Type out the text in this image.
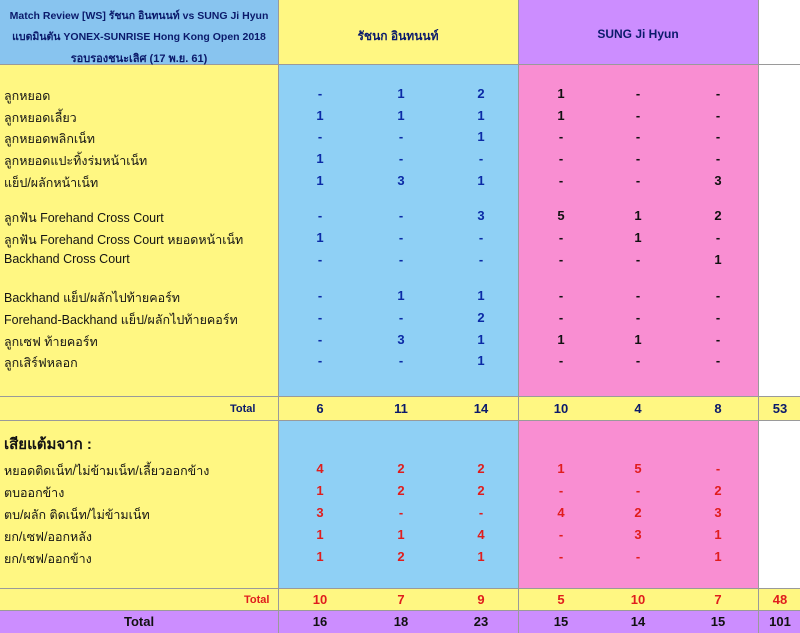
Match Review [WS] รัชนก อินทนนท์ vs SUNG Ji Hyun
แบดมินตัน YONEX-SUNRISE Hong Kong Open 2018
รอบรองชนะเลิศ (17 พ.ย. 61)
รัชนก อินทนนท์	SUNG Ji Hyun
ลูกหยอด	-	1	2	1	-	-
ลูกหยอดเลี้ยว	1	1	1	1	-	-
ลูกหยอดพลิกเน็ท	-	-	1	-	-	-
ลูกหยอดแปะทิ้งร่มหน้าเน็ท	1	-	-	-	-	-
แย็ป/ผลักหน้าเน็ท	1	3	1	-	-	3
ลูกฟัน Forehand Cross Court	-	-	3	5	1	2
ลูกฟัน Forehand Cross Court หยอดหน้าเน็ท	1	-	-	-	1	-
Backhand Cross Court	-	-	-	-	-	1
Backhand แย็ป/ผลักไปท้ายคอร์ท	-	1	1	-	-	-
Forehand-Backhand แย็ป/ผลักไปท้ายคอร์ท	-	-	2	-	-	-
ลูกเซฟ ท้ายคอร์ท	-	3	1	1	1	-
ลูกเสิร์ฟหลอก	-	-	1	-	-	-
Total	6	11	14	10	4	8	53
เสียแต้มจาก :
หยอดติดเน็ท/ไม่ข้ามเน็ท/เลี้ยวออกข้าง	4	2	2	1	5	-
ตบออกข้าง	1	2	2	-	-	2
ตบ/ผลัก ติดเน็ท/ไม่ข้ามเน็ท	3	-	-	4	2	3
ยก/เซฟ/ออกหลัง	1	1	4	-	3	1
ยก/เซฟ/ออกข้าง	1	2	1	-	-	1
Total	10	7	9	5	10	7	48
Total	16	18	23	15	14	15	101
